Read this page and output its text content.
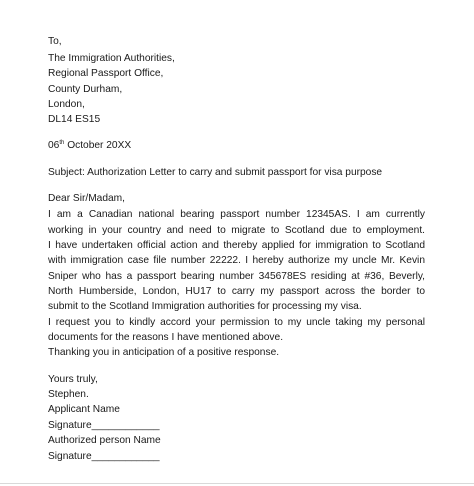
To,
The Immigration Authorities,
Regional Passport Office,
County Durham,
London,
DL14 ES15
06th October 20XX
Subject: Authorization Letter to carry and submit passport for visa purpose
Dear Sir/Madam,
I am a Canadian national bearing passport number 12345AS. I am currently
working in your country and need to migrate to Scotland due to employment.
I have undertaken official action and thereby applied for immigration to Scotland
with immigration case file number 22222. I hereby authorize my uncle Mr. Kevin
Sniper who has a passport bearing number 345678ES residing at #36, Beverly,
North Humberside, London, HU17 to carry my passport across the border to
submit to the Scotland Immigration authorities for processing my visa.
I request you to kindly accord your permission to my uncle taking my personal
documents for the reasons I have mentioned above.
Thanking you in anticipation of a positive response.
Yours truly,
Stephen.
Applicant Name
Signature____________
Authorized person Name
Signature____________
